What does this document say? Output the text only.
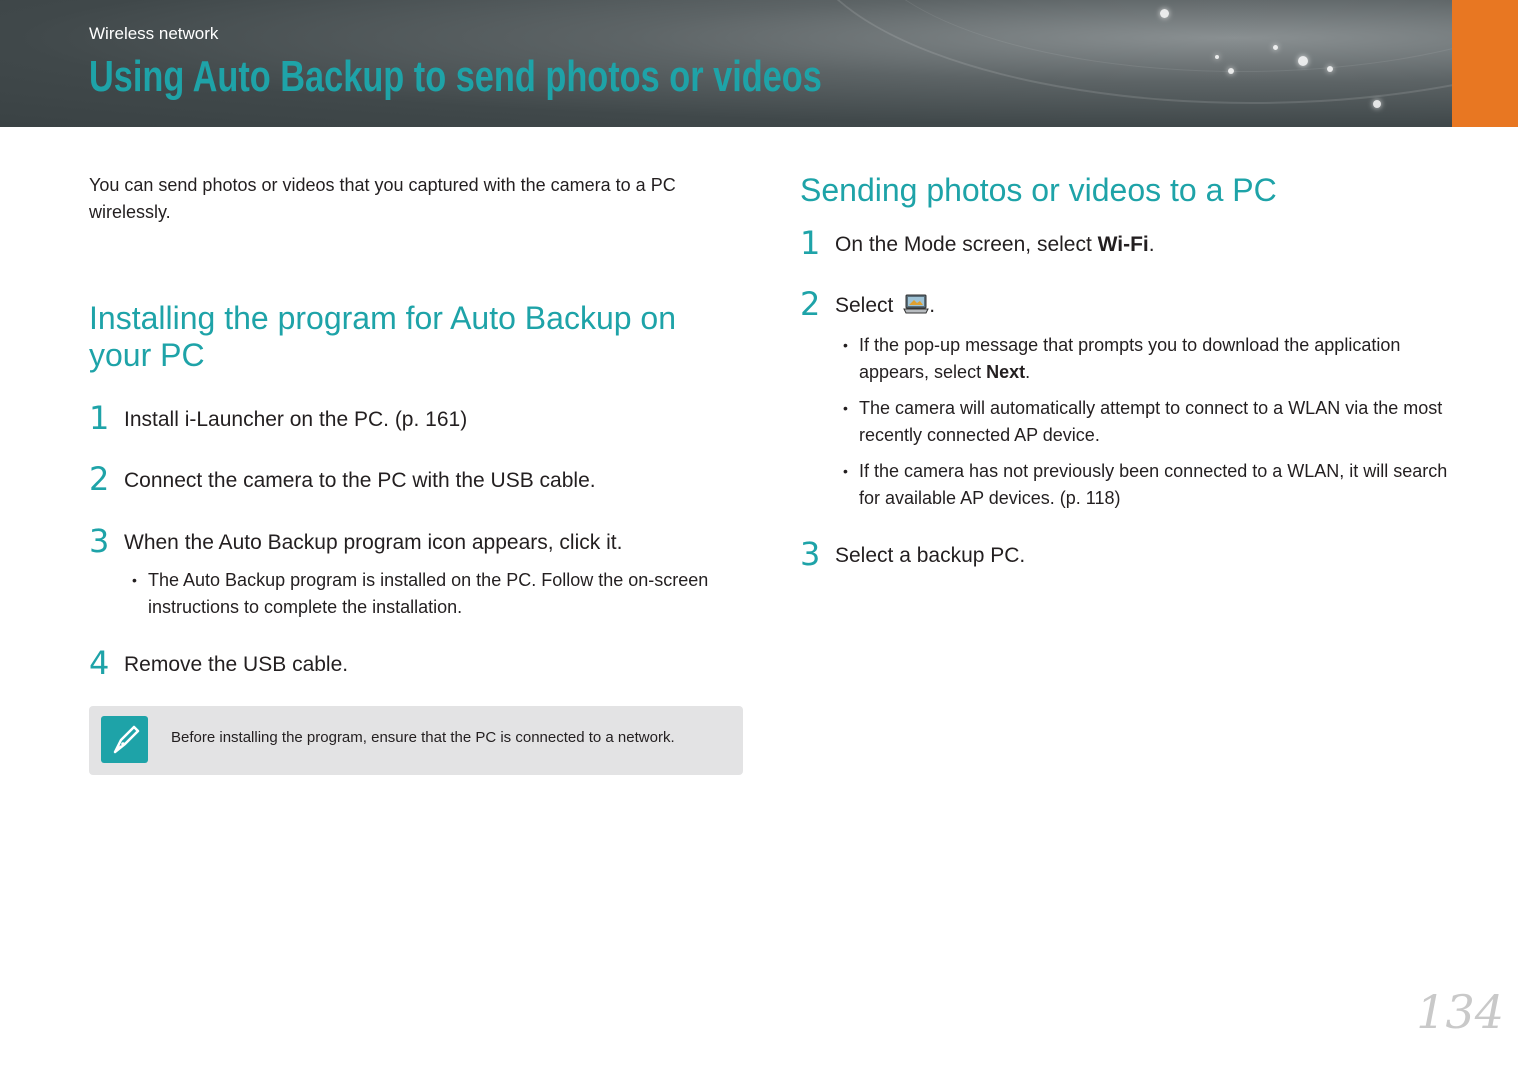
Wireless network

Using Auto Backup to send photos or videos

You can send photos or videos that you captured with the camera to a PC wirelessly.

Installing the program for Auto Backup on your PC
1 Install i-Launcher on the PC. (p. 161)
2 Connect the camera to the PC with the USB cable.
3 When the Auto Backup program icon appears, click it.
• The Auto Backup program is installed on the PC. Follow the on-screen instructions to complete the installation.
4 Remove the USB cable.

Before installing the program, ensure that the PC is connected to a network.

Sending photos or videos to a PC
1 On the Mode screen, select Wi-Fi.
2 Select .
• If the pop-up message that prompts you to download the application appears, select Next.
• The camera will automatically attempt to connect to a WLAN via the most recently connected AP device.
• If the camera has not previously been connected to a WLAN, it will search for available AP devices. (p. 118)
3 Select a backup PC.

134
